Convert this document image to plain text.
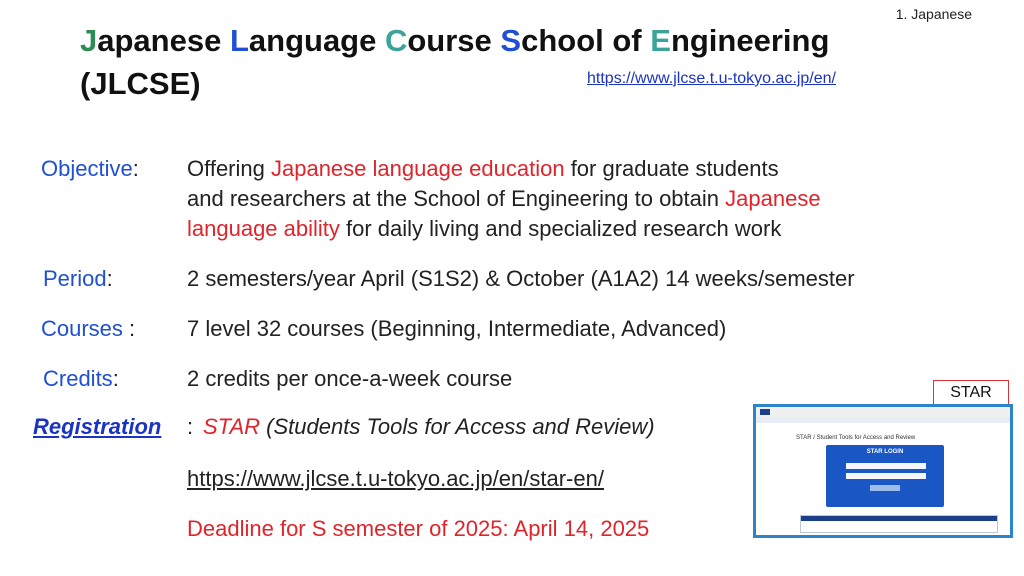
1. Japanese
Japanese Language Course School of Engineering
(JLCSE)	https://www.jlcse.t.u-tokyo.ac.jp/en/
Objective: Offering Japanese language education for graduate students
and researchers at the School of Engineering to obtain Japanese
language ability for daily living and specialized research work
Period:	2 semesters/year April (S1S2) & October (A1A2) 14 weeks/semester
Courses : 7 level 32 courses (Beginning, Intermediate, Advanced)
Credits:	2 credits per once-a-week course
Registration : STAR (Students Tools for Access and Review)
https://www.jlcse.t.u-tokyo.ac.jp/en/star-en/
Deadline for S semester of 2025: April 14, 2025
STAR
STAR / Student Tools for Access and Review
STAR LOGIN
